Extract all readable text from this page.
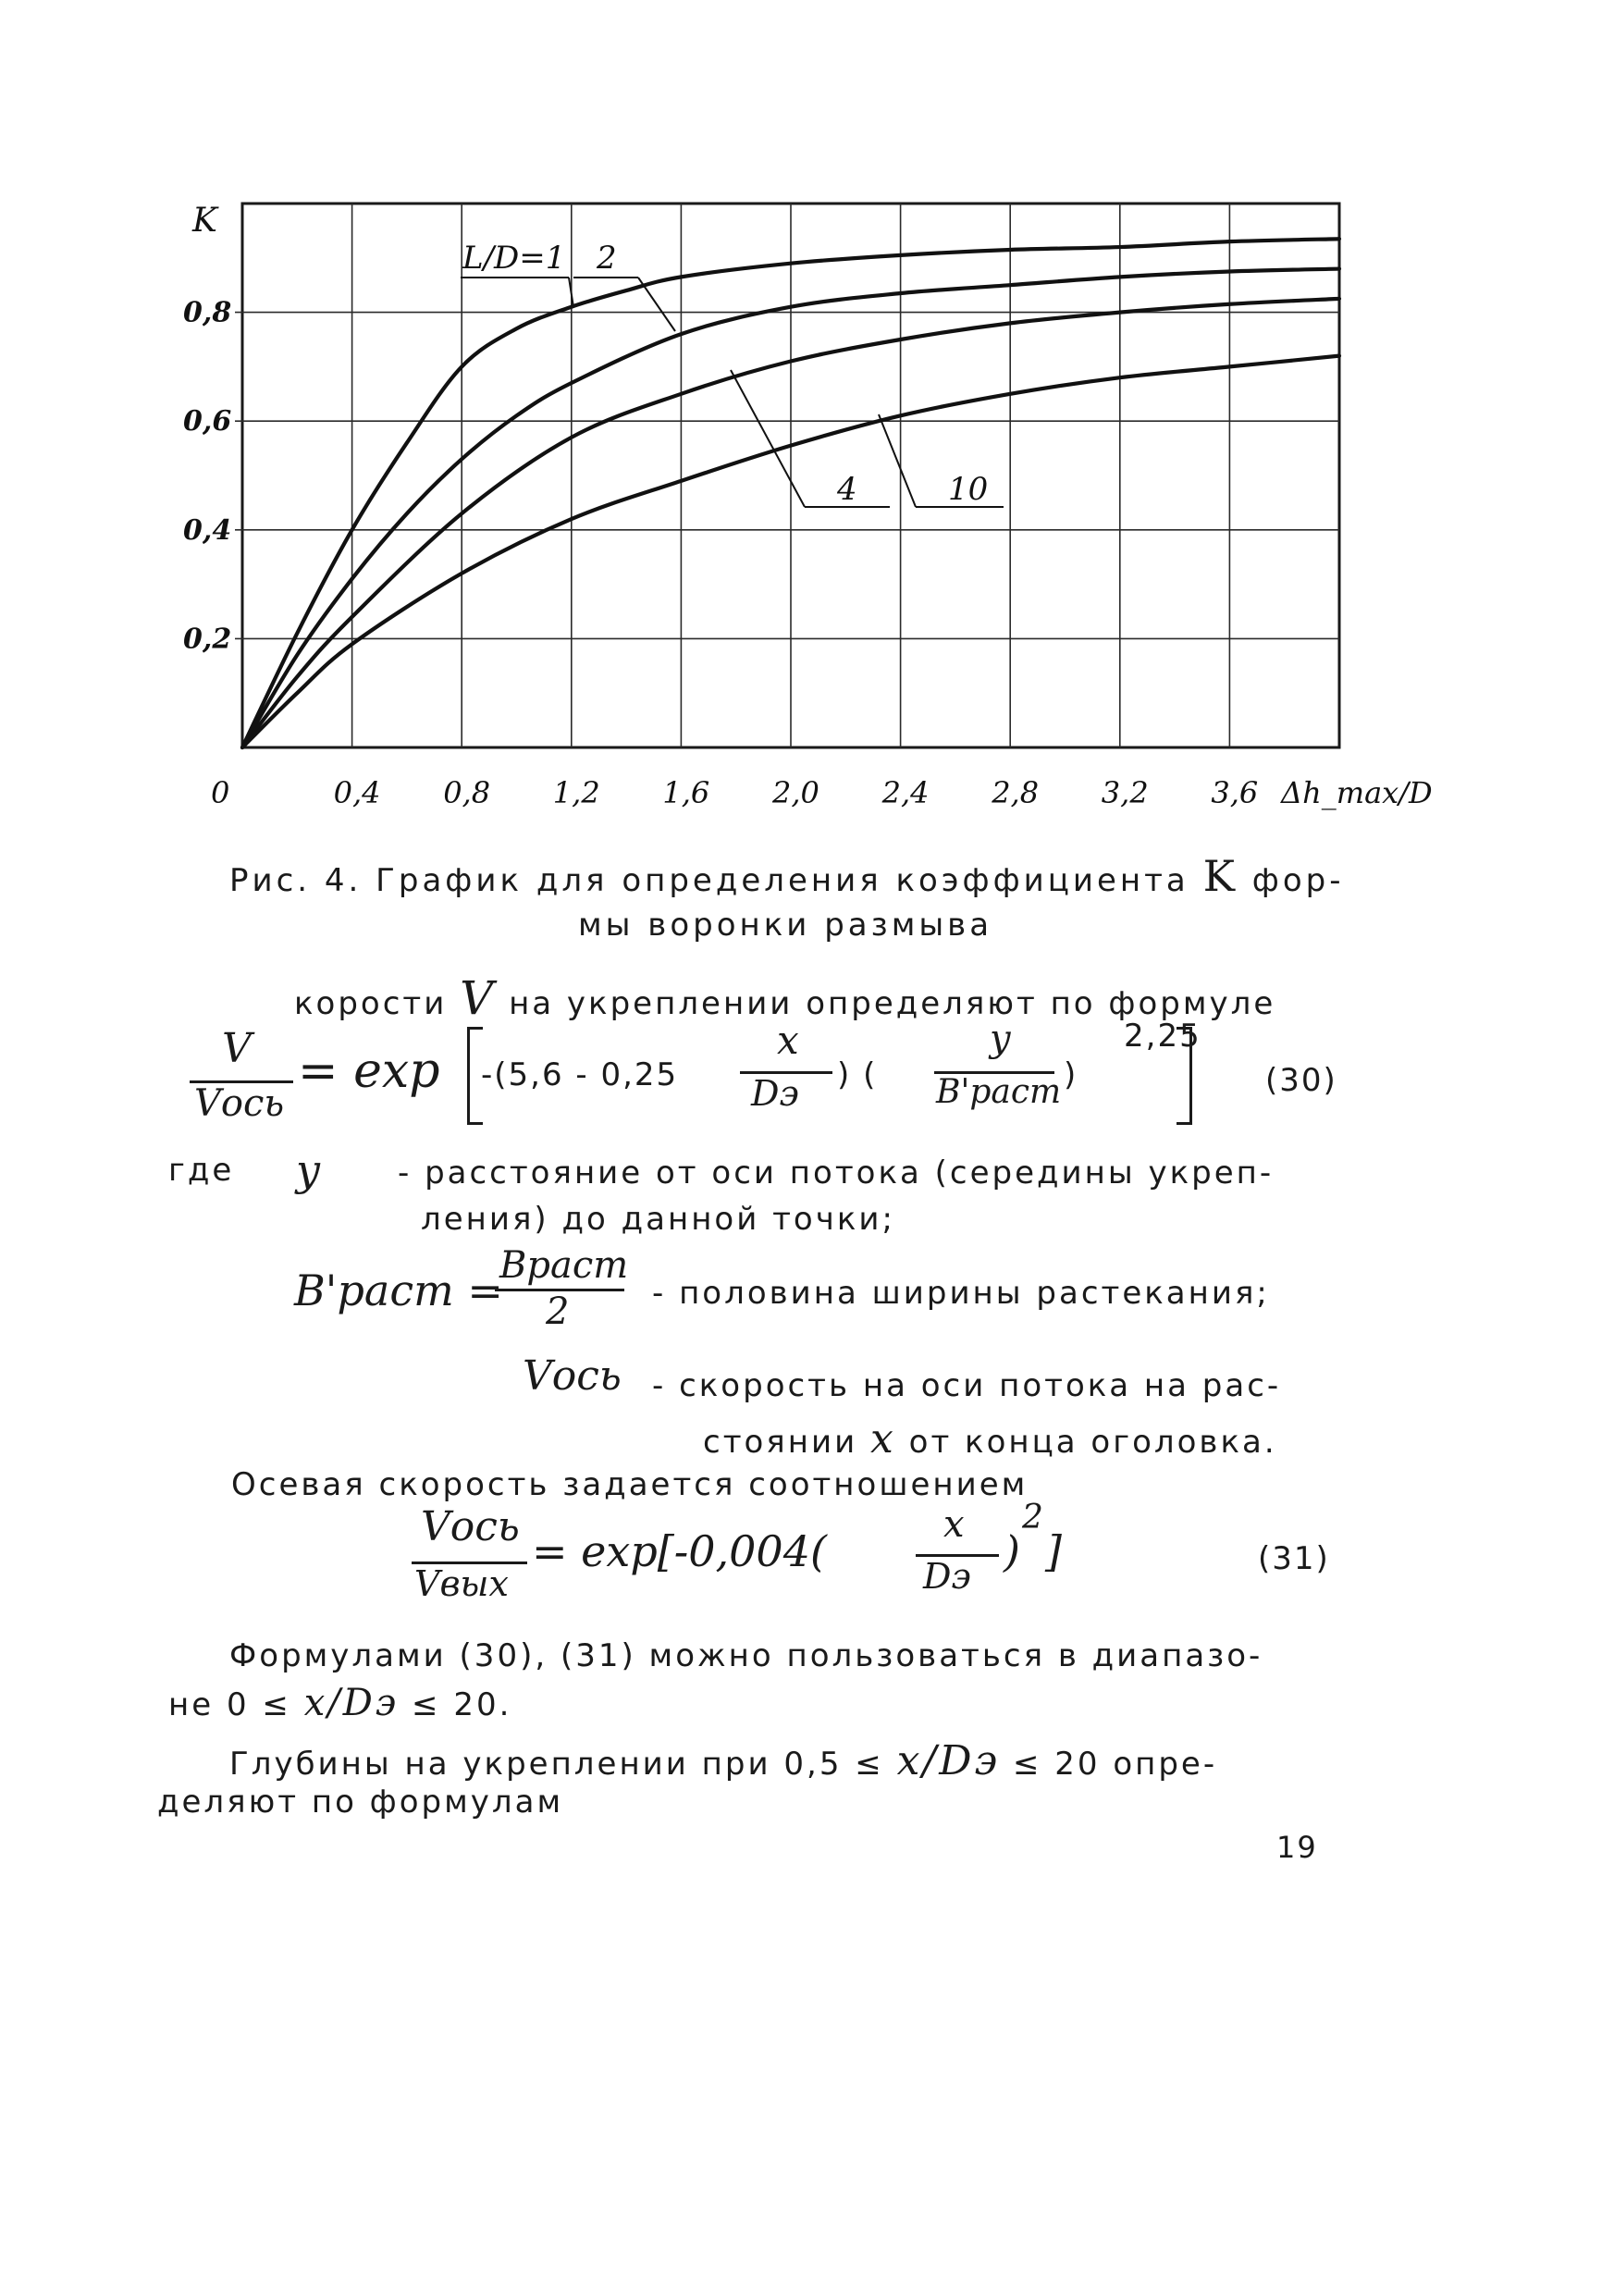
0	0,4 0,8 1,2 1,6 2,0 2,4 2,8 3,2 3,6
0,2
0,4
0,6
0,8
K
Δh_max/D
L/D=1 2
4	10
Рис. 4. График для определения коэффициента K фор-
мы воронки размыва
корости V на укреплении определяют по формуле
V
Vось
= exp -(5,6 - 0,25
x
Dэ ) (
y
B'раст )
2,25
(30)
где y - расстояние от оси потока (середины укреп-
ления) до данной точки;
B'раст =
Bраст
2	- половина ширины растекания;
Vось - скорость на оси потока на рас-
стоянии x от конца оголовка.
Осевая скорость задается соотношением
Vось
Vвых
= exp[-0,004(
x
Dэ )
2
]	(31)
Формулами (30), (31) можно пользоваться в диапазо-
не 0 ≤ x/Dэ ≤ 20.
Глубины на укреплении при 0,5 ≤ x/Dэ ≤ 20 опре-
деляют по формулам
19
